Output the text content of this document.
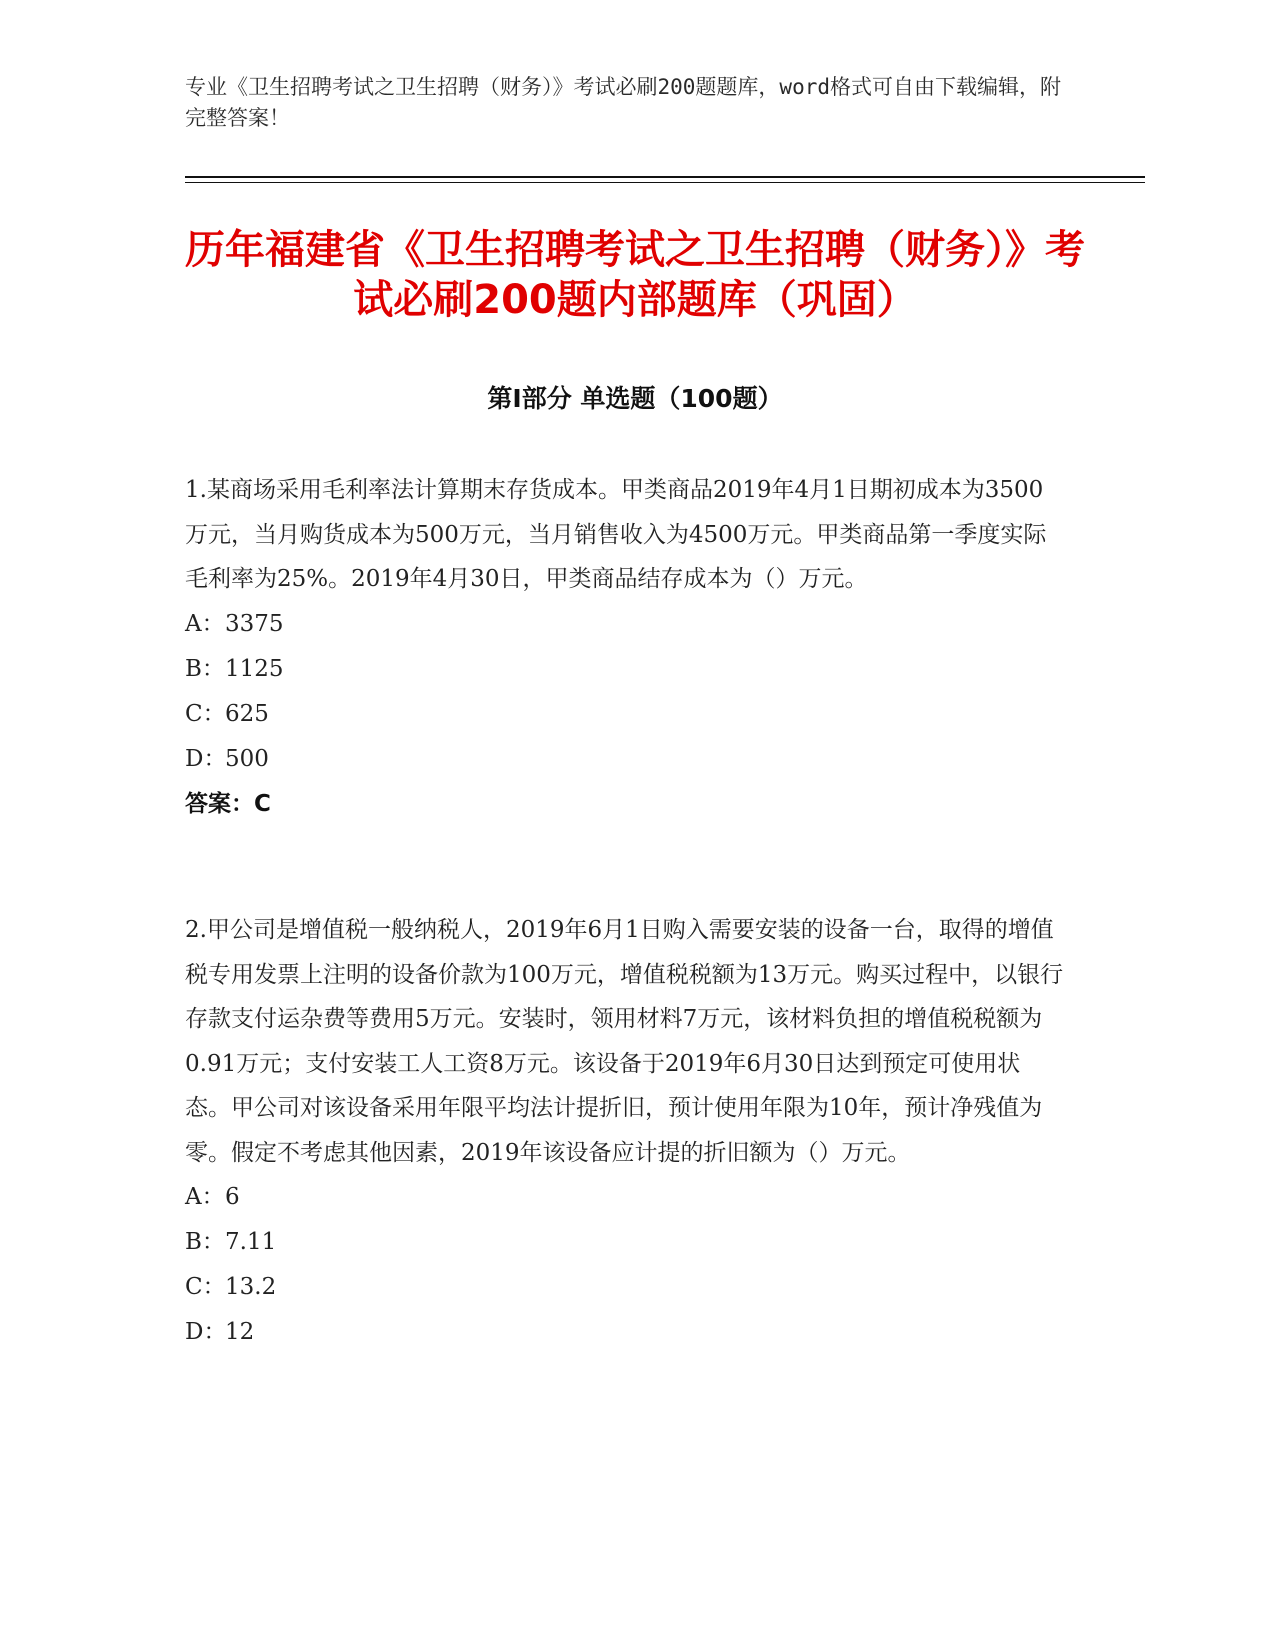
专业《卫生招聘考试之卫生招聘（财务）》考试必刷200题题库，word格式可自由下载编辑，附完整答案！
历年福建省《卫生招聘考试之卫生招聘（财务）》考试必刷200题内部题库（巩固）
第Ⅰ部分 单选题（100题）

1.某商场采用毛利率法计算期末存货成本。甲类商品2019年4月1日期初成本为3500万元，当月购货成本为500万元，当月销售收入为4500万元。甲类商品第一季度实际毛利率为25%。2019年4月30日，甲类商品结存成本为（）万元。

A：3375
B：1125
C：625
D：500
答案：C

2.甲公司是增值税一般纳税人，2019年6月1日购入需要安装的设备一台，取得的增值税专用发票上注明的设备价款为100万元，增值税税额为13万元。购买过程中，以银行存款支付运杂费等费用5万元。安装时，领用材料7万元，该材料负担的增值税税额为0.91万元；支付安装工人工资8万元。该设备于2019年6月30日达到预定可使用状态。甲公司对该设备采用年限平均法计提折旧，预计使用年限为10年，预计净残值为零。假定不考虑其他因素，2019年该设备应计提的折旧额为（）万元。

A：6
B：7.11
C：13.2
D：12
